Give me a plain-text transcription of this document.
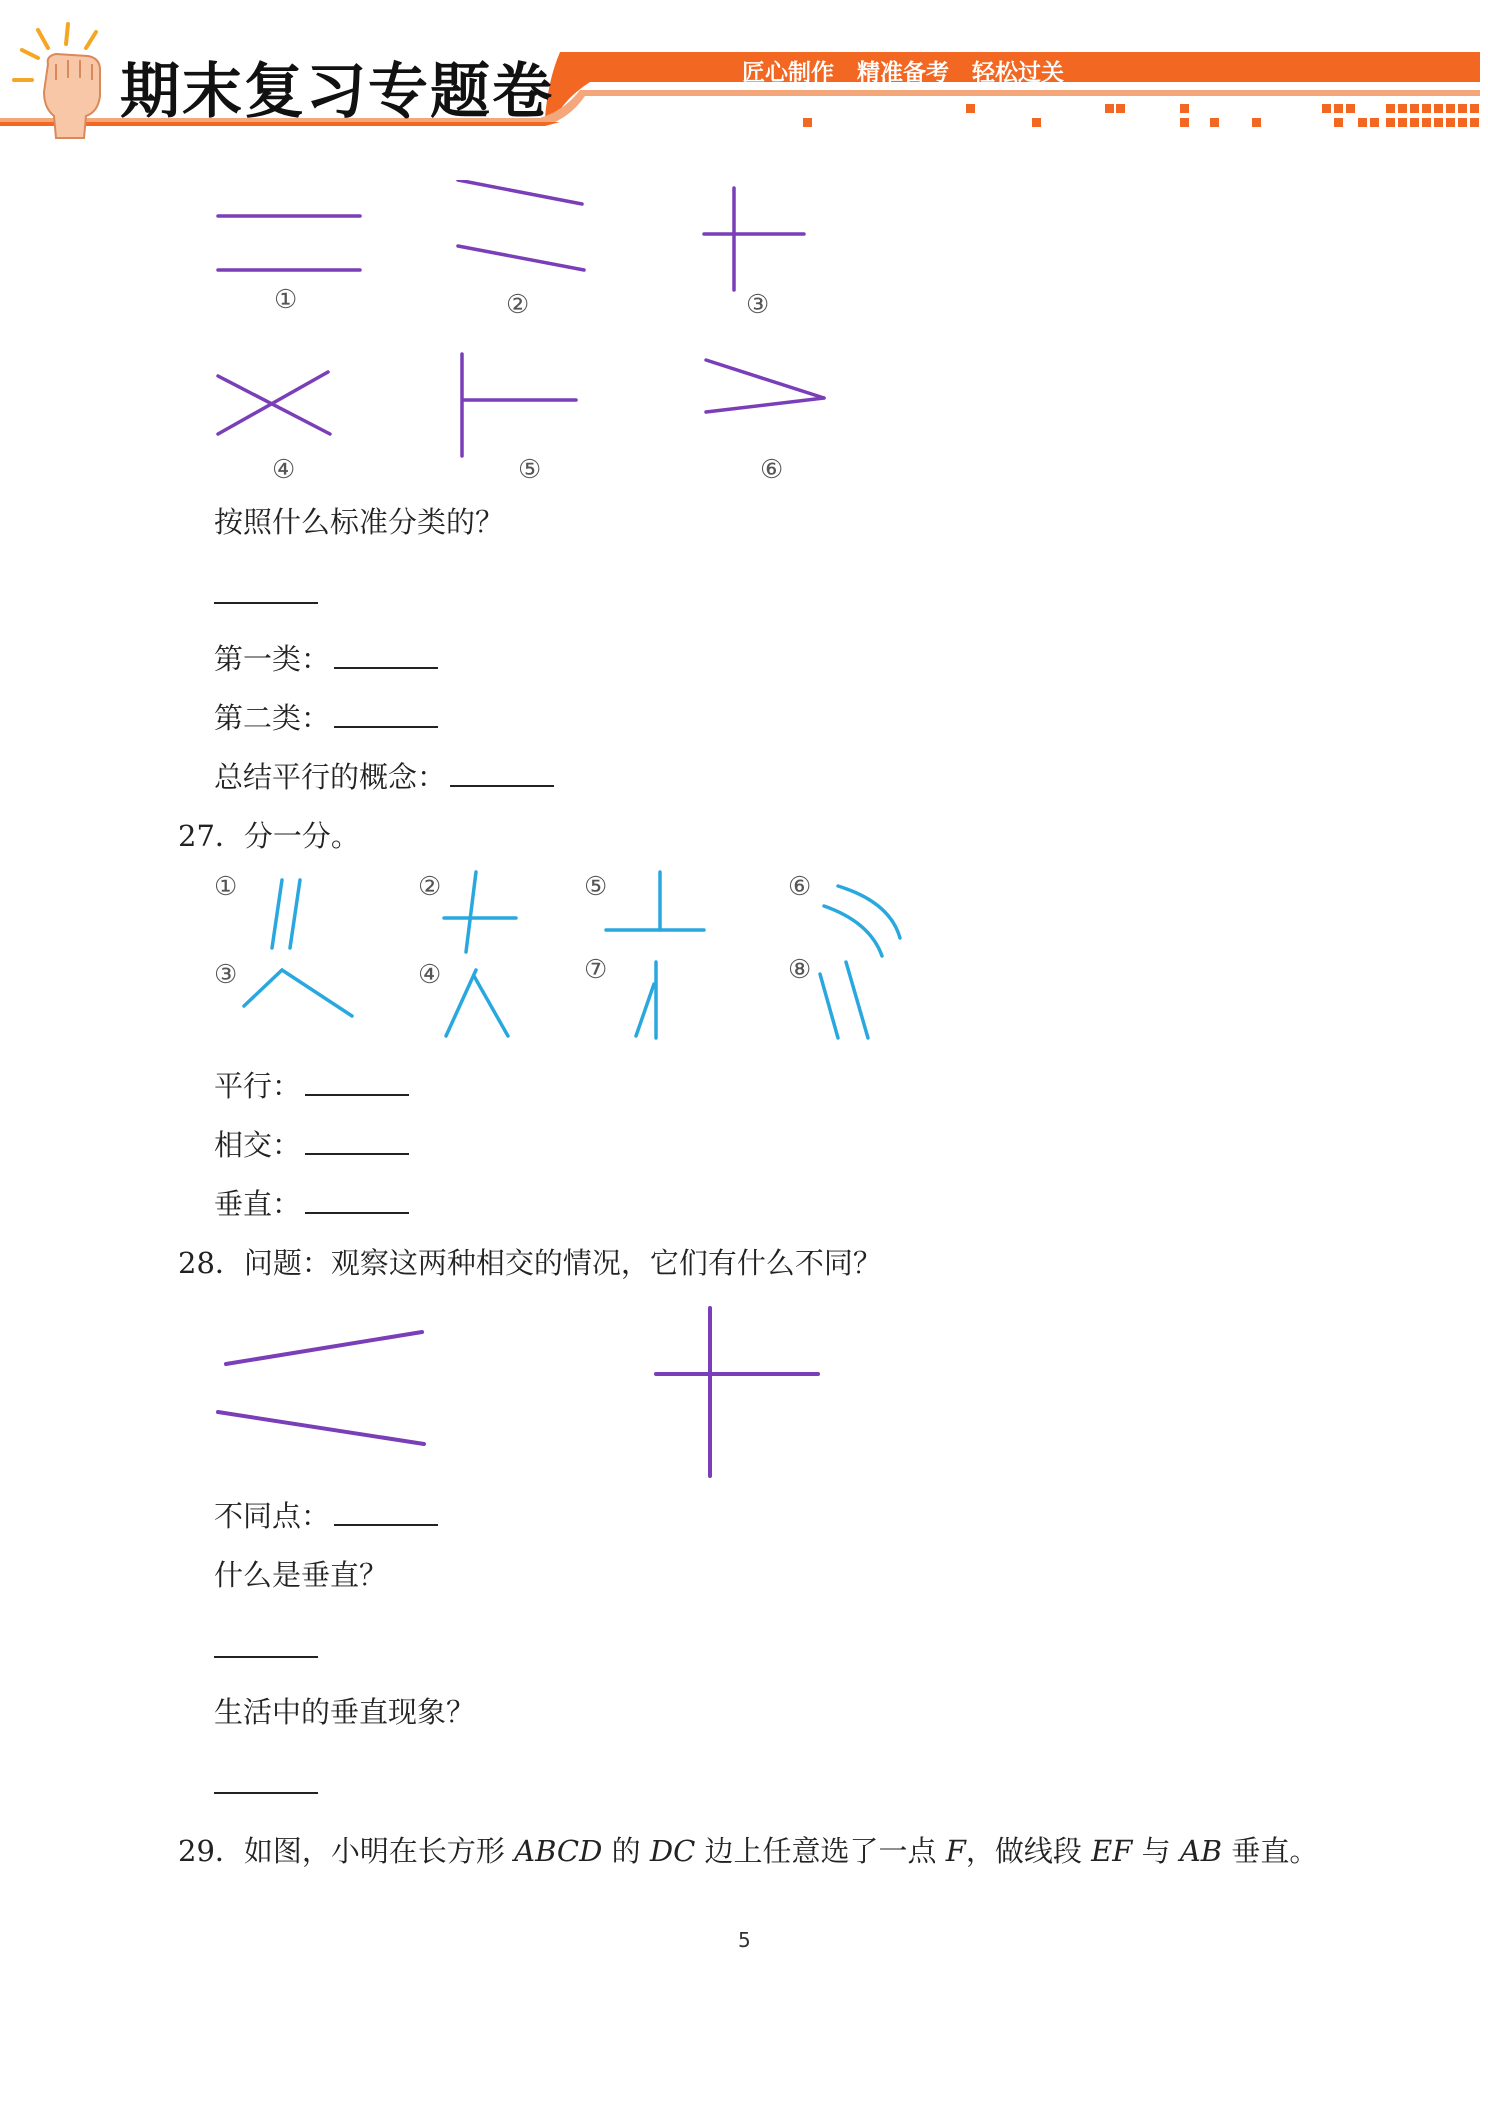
期末复习专题卷	匠心制作　精准备考　轻松过关
①	②	③
④	⑤	⑥
按照什么标准分类的？
第一类：
第二类：
总结平行的概念：
27．分一分。
①	②	⑤	⑥
③	④	⑦	⑧
平行：
相交：
垂直：
28．问题：观察这两种相交的情况，它们有什么不同？
不同点：
什么是垂直？
生活中的垂直现象？
29．如图，小明在长方形 ABCD 的 DC 边上任意选了一点 F，做线段 EF 与 AB 垂直。
5
